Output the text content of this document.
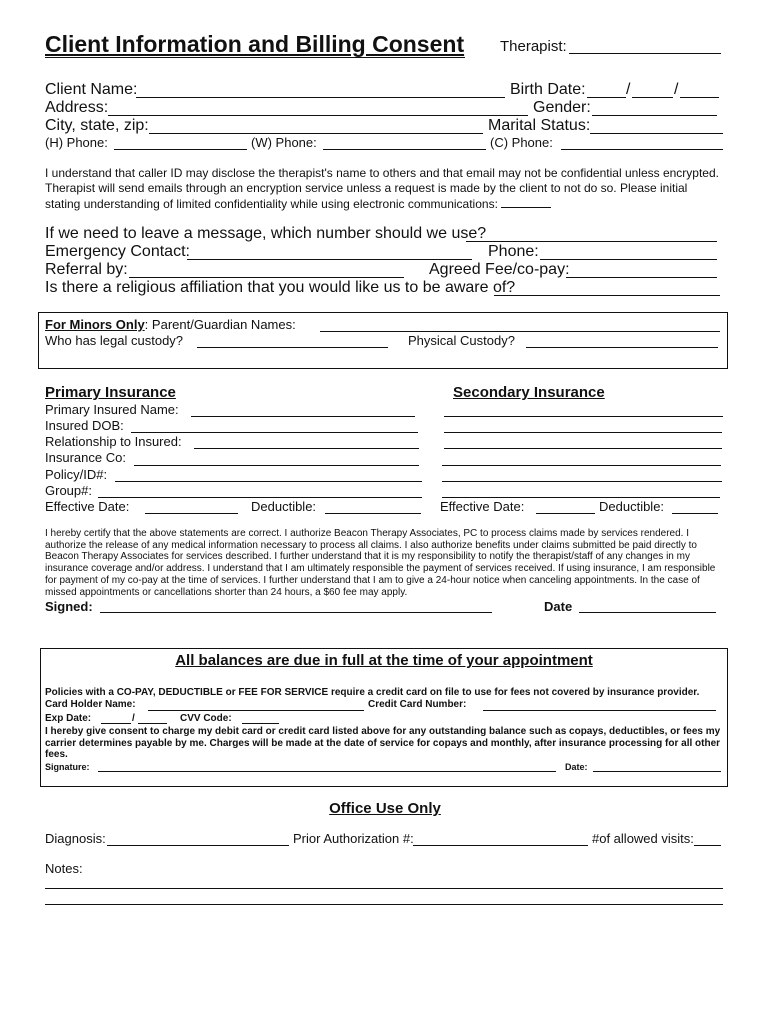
Client Information and Billing Consent Therapist:
Client Name:	Birth Date:	/	/
Address:	Gender:
City, state, zip:	Marital Status:
(H) Phone:	(W) Phone:	(C) Phone:
I understand that caller ID may disclose the therapist's name to others and that email may not be confidential unless encrypted. Therapist will send emails through an encryption service unless a request is made by the client to not do so. Please initial stating understanding of limited confidentiality while using electronic communications:
If we need to leave a message, which number should we use?
Emergency Contact:	Phone:
Referral by:	Agreed Fee/co-pay:
Is there a religious affiliation that you would like us to be aware of?
For Minors Only: Parent/Guardian Names:
Who has legal custody?	Physical Custody?
Primary Insurance	Secondary Insurance
Primary Insured Name:
Insured DOB:
Relationship to Insured:
Insurance Co:
Policy/ID#:
Group#:
Effective Date:	Deductible:	Effective Date:	Deductible:
I hereby certify that the above statements are correct. I authorize Beacon Therapy Associates, PC to process claims made by services rendered. I authorize the release of any medical information necessary to process all claims. I also authorize benefits under claims submitted be paid directly to Beacon Therapy Associates for services described. I further understand that it is my responsibility to notify the therapist/staff of any changes in my insurance coverage and/or address. I understand that I am ultimately responsible the payment of services received. If using insurance, I am responsible for payment of my co-pay at the time of services. I further understand that I am to give a 24-hour notice when canceling appointments. In the case of missed appointments or cancellations shorter than 24 hours, a $60 fee may apply.
Signed:	Date
All balances are due in full at the time of your appointment
Policies with a CO-PAY, DEDUCTIBLE or FEE FOR SERVICE require a credit card on file to use for fees not covered by insurance provider.
Card Holder Name:	Credit Card Number:
Exp Date:	/	CVV Code:
I hereby give consent to charge my debit card or credit card listed above for any outstanding balance such as copays, deductibles, or fees my carrier determines payable by me. Charges will be made at the date of service for copays and monthly, after insurance processing for all other fees.
Signature:	Date:
Office Use Only
Diagnosis:	Prior Authorization #:	#of allowed visits:
Notes:
